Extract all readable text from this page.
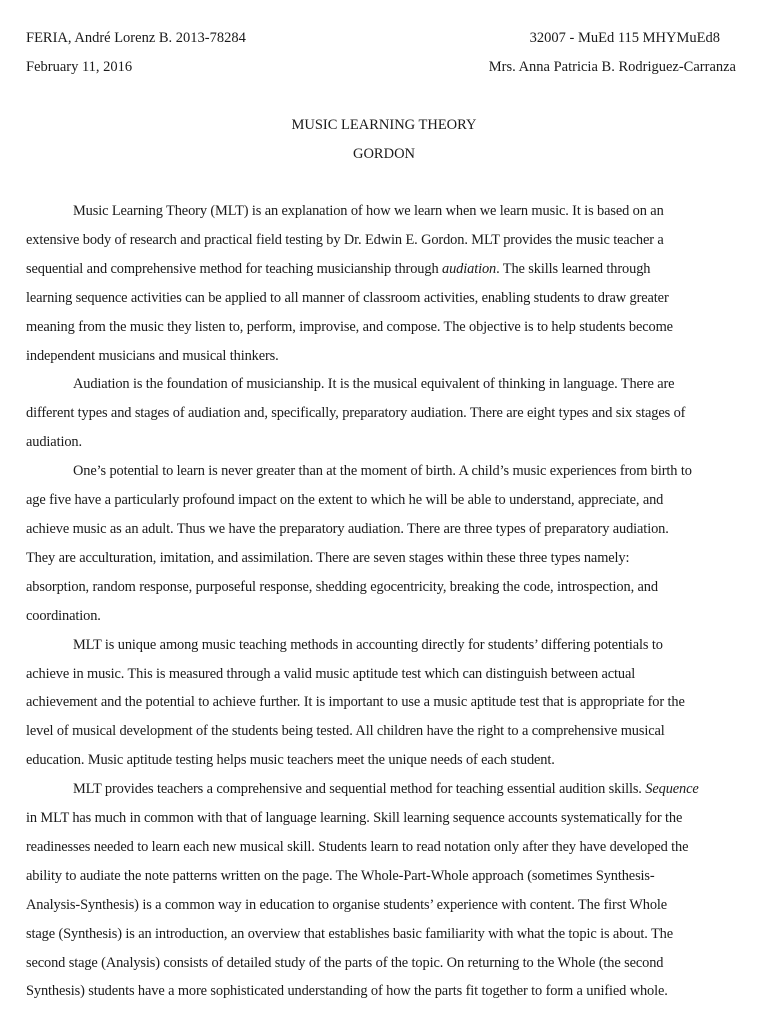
FERIA, André Lorenz B. 2013-78284	32007 - MuEd 115 MHYMuEd8
February 11, 2016	Mrs. Anna Patricia B. Rodriguez-Carranza
MUSIC LEARNING THEORY
GORDON

Music Learning Theory (MLT) is an explanation of how we learn when we learn music. It is based on an
extensive body of research and practical field testing by Dr. Edwin E. Gordon. MLT provides the music teacher a
sequential and comprehensive method for teaching musicianship through audiation. The skills learned through
learning sequence activities can be applied to all manner of classroom activities, enabling students to draw greater
meaning from the music they listen to, perform, improvise, and compose. The objective is to help students become
independent musicians and musical thinkers.

Audiation is the foundation of musicianship. It is the musical equivalent of thinking in language. There are
different types and stages of audiation and, specifically, preparatory audiation. There are eight types and six stages of
audiation.

One’s potential to learn is never greater than at the moment of birth. A child’s music experiences from birth to
age five have a particularly profound impact on the extent to which he will be able to understand, appreciate, and
achieve music as an adult. Thus we have the preparatory audiation. There are three types of preparatory audiation.
They are acculturation, imitation, and assimilation. There are seven stages within these three types namely:
absorption, random response, purposeful response, shedding egocentricity, breaking the code, introspection, and
coordination.

MLT is unique among music teaching methods in accounting directly for students’ differing potentials to
achieve in music. This is measured through a valid music aptitude test which can distinguish between actual
achievement and the potential to achieve further. It is important to use a music aptitude test that is appropriate for the
level of musical development of the students being tested. All children have the right to a comprehensive musical
education. Music aptitude testing helps music teachers meet the unique needs of each student.

MLT provides teachers a comprehensive and sequential method for teaching essential audition skills. Sequence
in MLT has much in common with that of language learning. Skill learning sequence accounts systematically for the
readinesses needed to learn each new musical skill. Students learn to read notation only after they have developed the
ability to audiate the note patterns written on the page. The Whole-Part-Whole approach (sometimes Synthesis-
Analysis-Synthesis) is a common way in education to organise students’ experience with content. The first Whole
stage (Synthesis) is an introduction, an overview that establishes basic familiarity with what the topic is about. The
second stage (Analysis) consists of detailed study of the parts of the topic. On returning to the Whole (the second
Synthesis) students have a more sophisticated understanding of how the parts fit together to form a unified whole.
